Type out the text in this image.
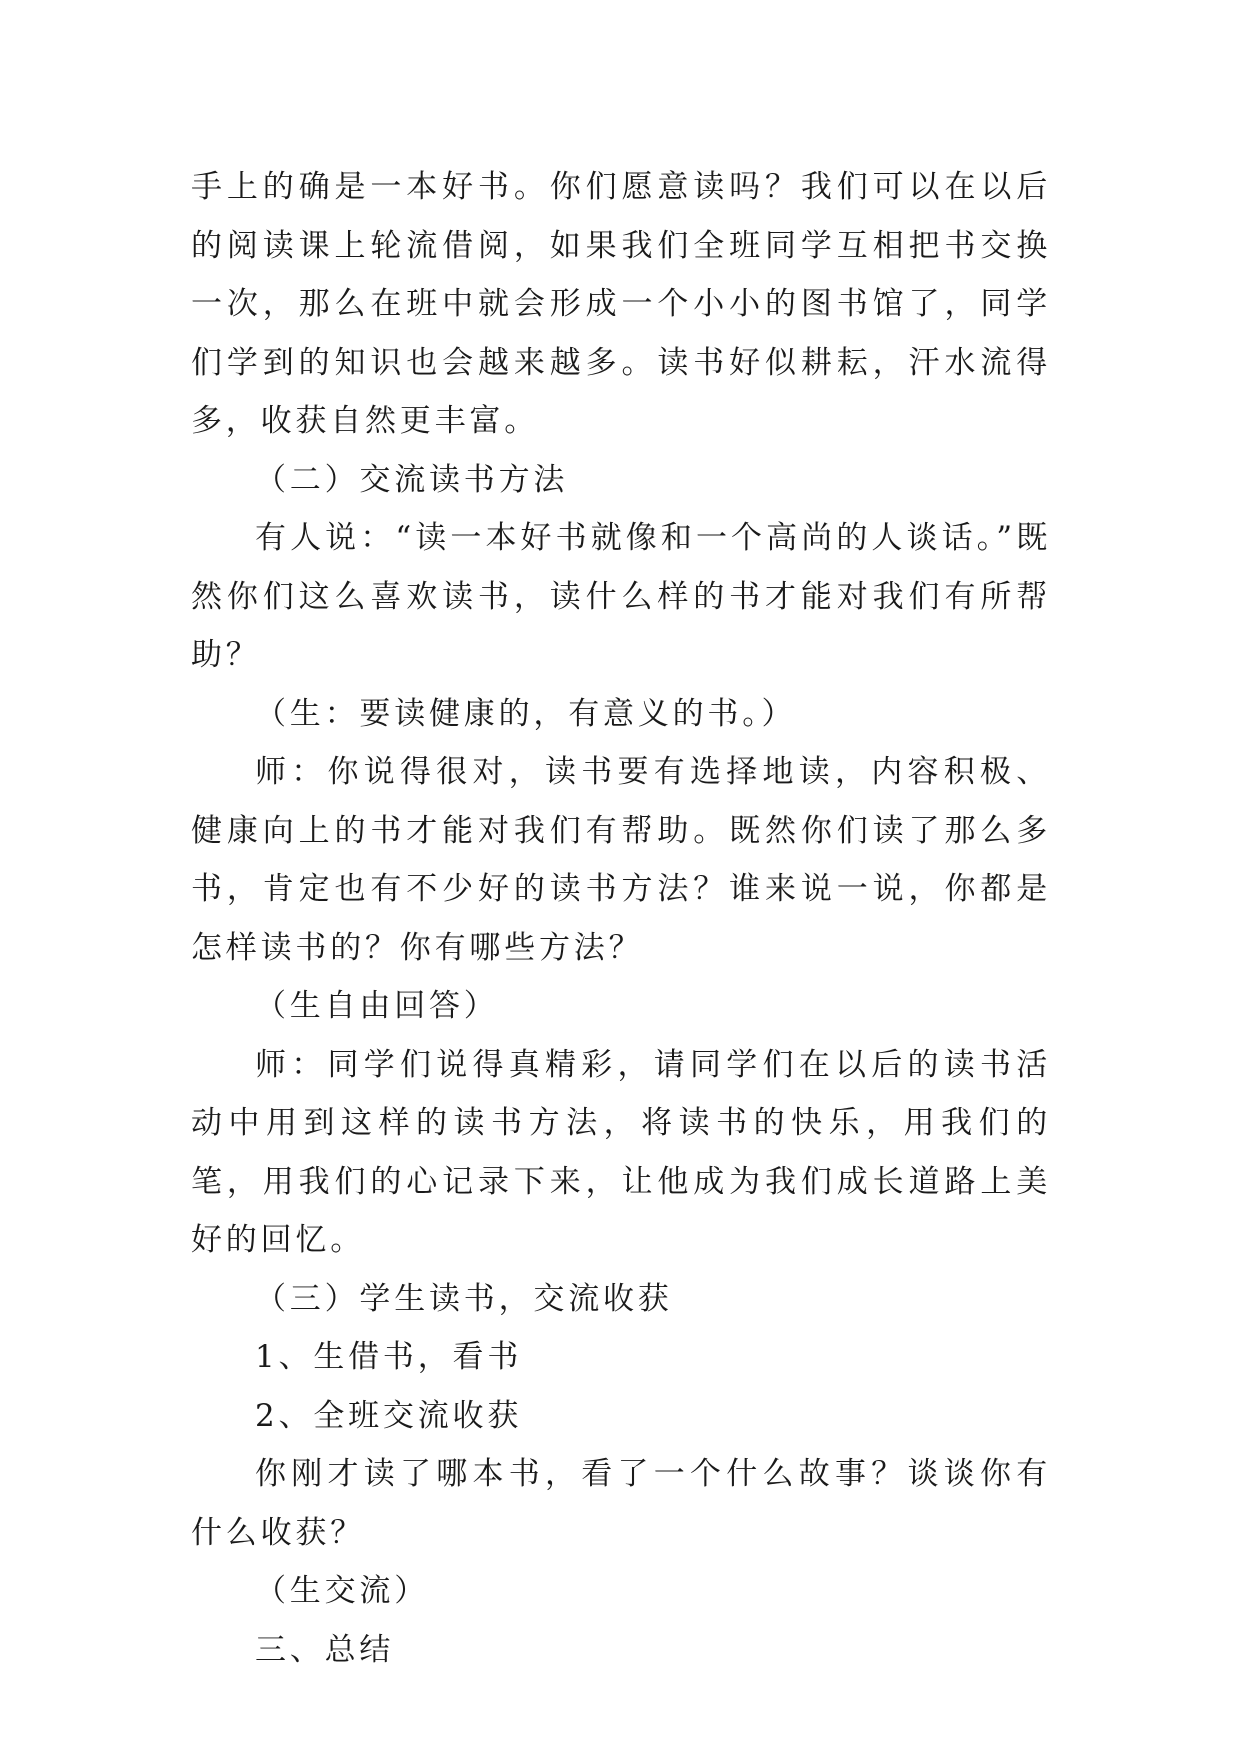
手上的确是一本好书。你们愿意读吗？我们可以在以后的阅读课上轮流借阅，如果我们全班同学互相把书交换一次，那么在班中就会形成一个小小的图书馆了，同学们学到的知识也会越来越多。读书好似耕耘，汗水流得多，收获自然更丰富。

（二）交流读书方法

有人说：“读一本好书就像和一个高尚的人谈话。”既然你们这么喜欢读书，读什么样的书才能对我们有所帮助？

（生：要读健康的，有意义的书。）

师：你说得很对，读书要有选择地读，内容积极、健康向上的书才能对我们有帮助。既然你们读了那么多书，肯定也有不少好的读书方法？谁来说一说，你都是怎样读书的？你有哪些方法？

（生自由回答）

师：同学们说得真精彩，请同学们在以后的读书活动中用到这样的读书方法，将读书的快乐，用我们的笔，用我们的心记录下来，让他成为我们成长道路上美好的回忆。

（三）学生读书，交流收获

1、生借书，看书

2、全班交流收获

你刚才读了哪本书，看了一个什么故事？谈谈你有什么收获？

（生交流）

三、总结
